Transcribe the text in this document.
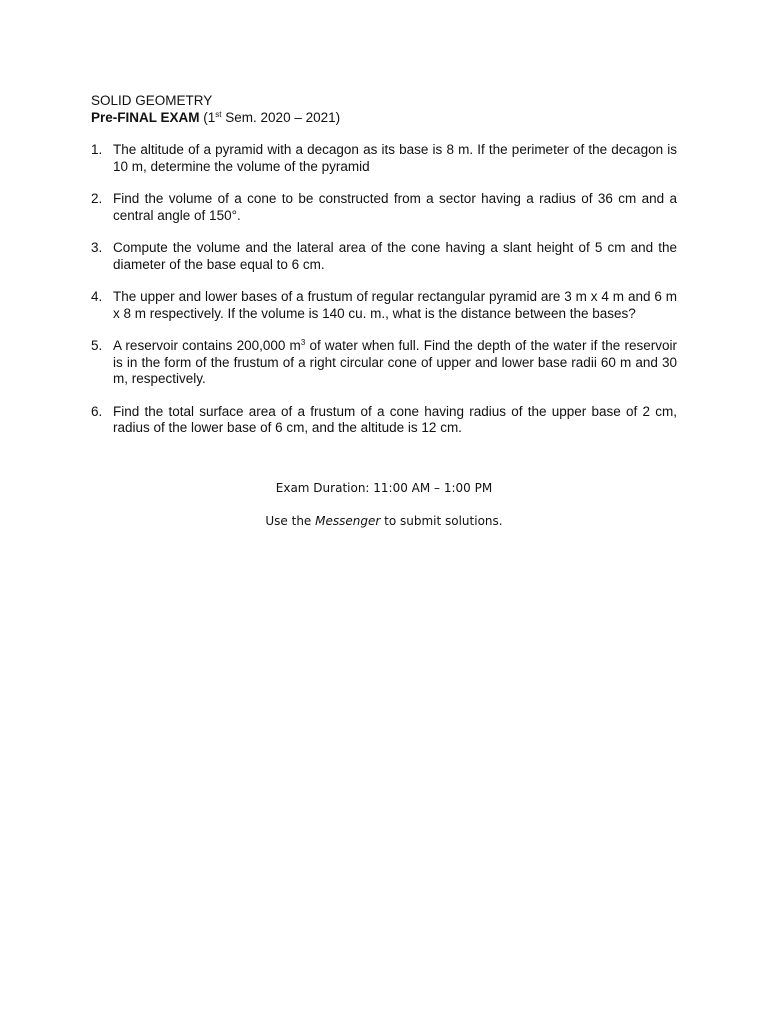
SOLID GEOMETRY
Pre-FINAL EXAM (1st Sem. 2020 – 2021)
1. The altitude of a pyramid with a decagon as its base is 8 m. If the perimeter of the decagon is 10 m, determine the volume of the pyramid
2. Find the volume of a cone to be constructed from a sector having a radius of 36 cm and a central angle of 150°.
3. Compute the volume and the lateral area of the cone having a slant height of 5 cm and the diameter of the base equal to 6 cm.
4. The upper and lower bases of a frustum of regular rectangular pyramid are 3 m x 4 m and 6 m x 8 m respectively. If the volume is 140 cu. m., what is the distance between the bases?
5. A reservoir contains 200,000 $m^3$ of water when full. Find the depth of the water if the reservoir is in the form of the frustum of a right circular cone of upper and lower base radii 60 m and 30 m, respectively.
6. Find the total surface area of a frustum of a cone having radius of the upper base of 2 cm, radius of the lower base of 6 cm, and the altitude is 12 cm.
Exam Duration: 11:00 AM – 1:00 PM
Use the Messenger to submit solutions.
